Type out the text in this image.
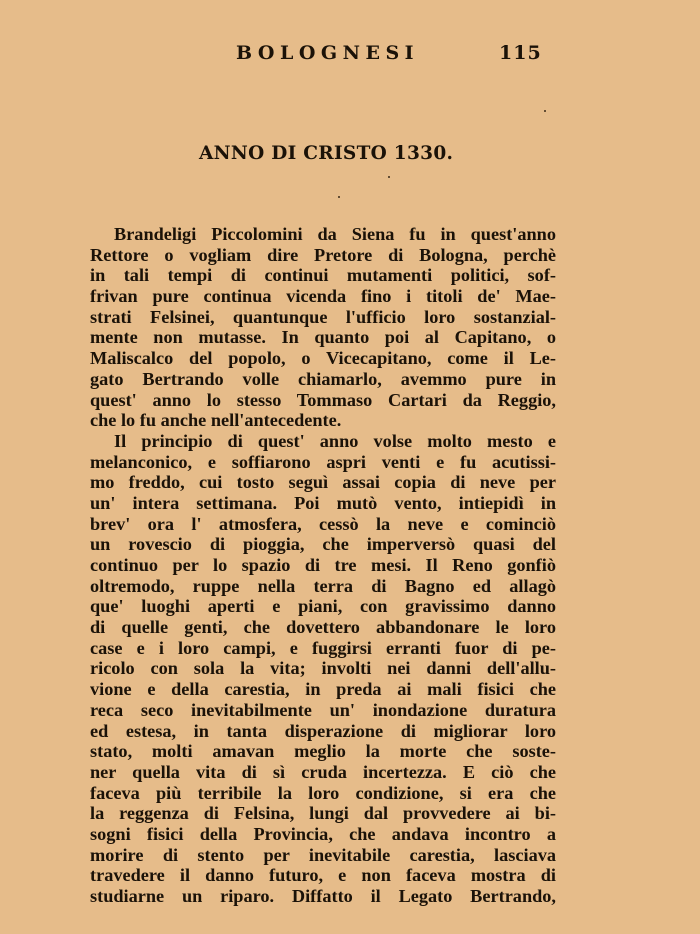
BOLOGNESI	115
ANNO DI CRISTO 1330.
Brandeligi Piccolomini da Siena fu in quest'anno
Rettore o vogliam dire Pretore di Bologna, perchè
in tali tempi di continui mutamenti politici, sof-
frivan pure continua vicenda fino i titoli de' Mae-
strati Felsinei, quantunque l'ufficio loro sostanzial-
mente non mutasse. In quanto poi al Capitano, o
Maliscalco del popolo, o Vicecapitano, come il Le-
gato Bertrando volle chiamarlo, avemmo pure in
quest' anno lo stesso Tommaso Cartari da Reggio,
che lo fu anche nell'antecedente.
Il principio di quest' anno volse molto mesto e
melanconico, e soffiarono aspri venti e fu acutissi-
mo freddo, cui tosto seguì assai copia di neve per
un' intera settimana. Poi mutò vento, intiepidì in
brev' ora l' atmosfera, cessò la neve e cominciò
un rovescio di pioggia, che imperversò quasi del
continuo per lo spazio di tre mesi. Il Reno gonfiò
oltremodo, ruppe nella terra di Bagno ed allagò
que' luoghi aperti e piani, con gravissimo danno
di quelle genti, che dovettero abbandonare le loro
case e i loro campi, e fuggirsi erranti fuor di pe-
ricolo con sola la vita; involti nei danni dell'allu-
vione e della carestia, in preda ai mali fisici che
reca seco inevitabilmente un' inondazione duratura
ed estesa, in tanta disperazione di migliorar loro
stato, molti amavan meglio la morte che soste-
ner quella vita di sì cruda incertezza. E ciò che
faceva più terribile la loro condizione, si era che
la reggenza di Felsina, lungi dal provvedere ai bi-
sogni fisici della Provincia, che andava incontro a
morire di stento per inevitabile carestia, lasciava
travedere il danno futuro, e non faceva mostra di
studiarne un riparo. Diffatto il Legato Bertrando,
